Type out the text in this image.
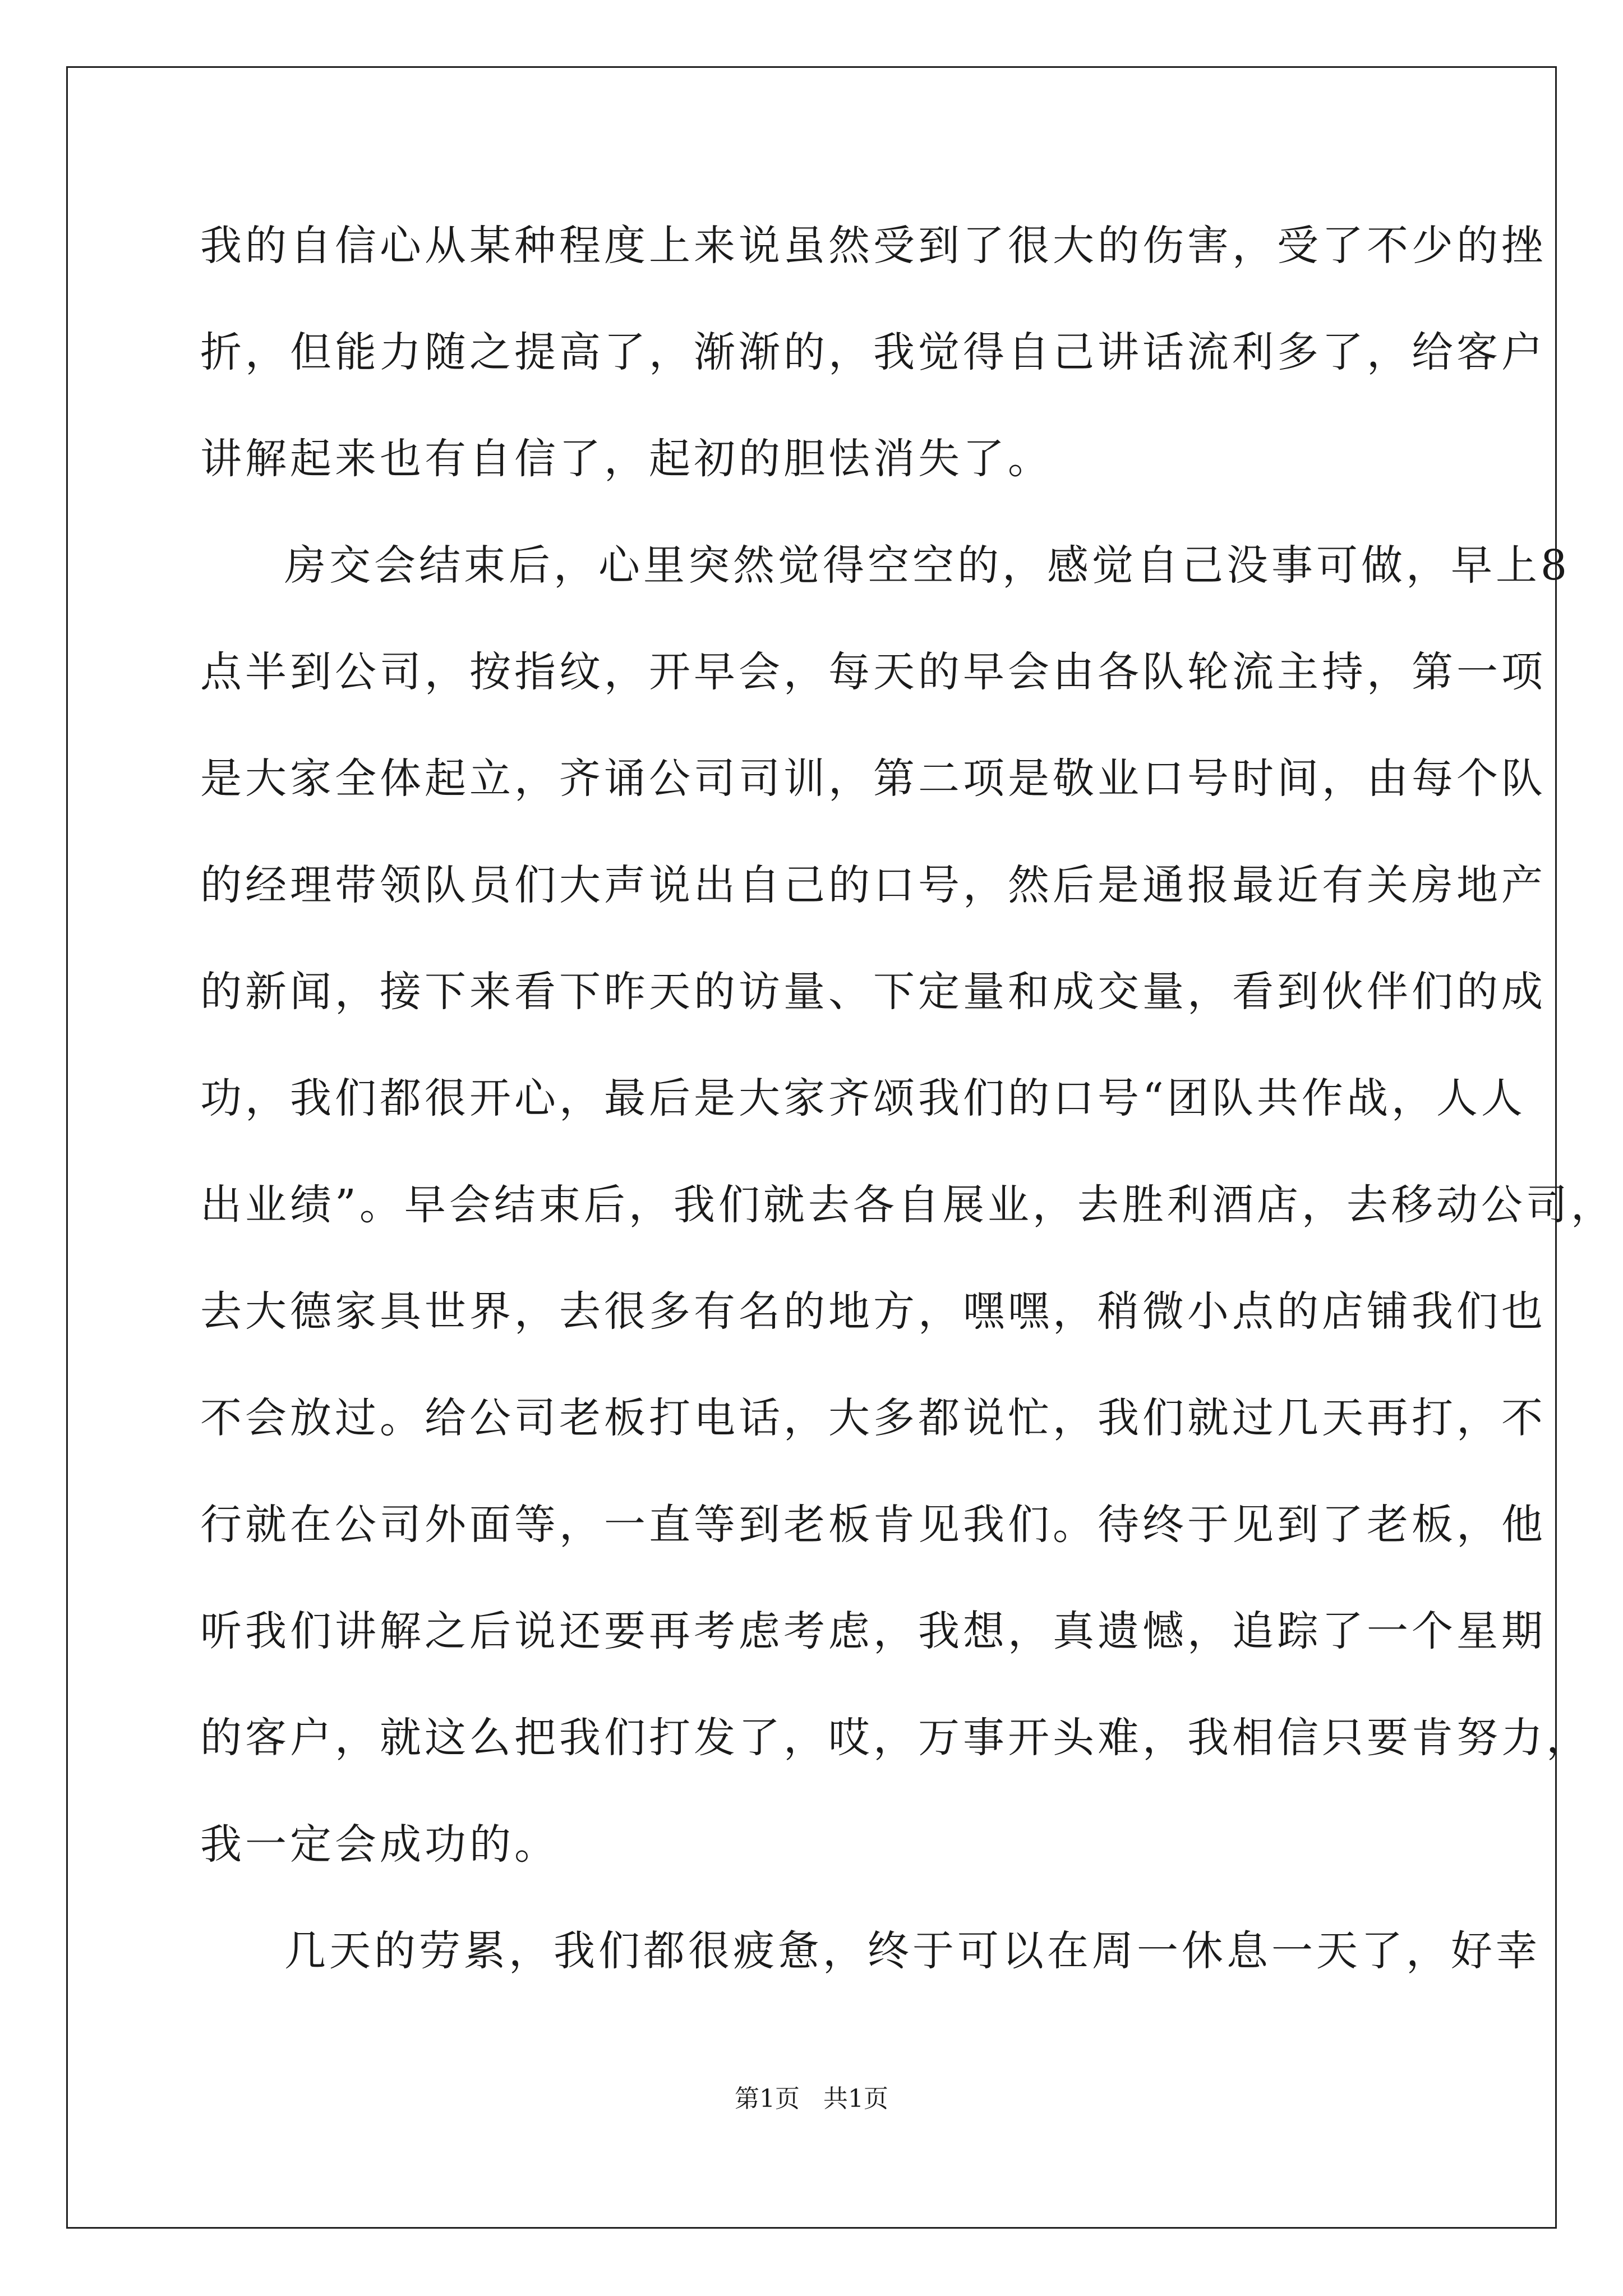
我的自信心从某种程度上来说虽然受到了很大的伤害，受了不少的挫
折，但能力随之提高了，渐渐的，我觉得自己讲话流利多了，给客户
讲解起来也有自信了，起初的胆怯消失了。
房交会结束后，心里突然觉得空空的，感觉自己没事可做，早上8
点半到公司，按指纹，开早会，每天的早会由各队轮流主持，第一项
是大家全体起立，齐诵公司司训，第二项是敬业口号时间，由每个队
的经理带领队员们大声说出自己的口号，然后是通报最近有关房地产
的新闻，接下来看下昨天的访量、下定量和成交量，看到伙伴们的成
功，我们都很开心，最后是大家齐颂我们的口号“团队共作战，人人
出业绩”。早会结束后，我们就去各自展业，去胜利酒店，去移动公司，
去大德家具世界，去很多有名的地方，嘿嘿，稍微小点的店铺我们也
不会放过。给公司老板打电话，大多都说忙，我们就过几天再打，不
行就在公司外面等，一直等到老板肯见我们。待终于见到了老板，他
听我们讲解之后说还要再考虑考虑，我想，真遗憾，追踪了一个星期
的客户，就这么把我们打发了，哎，万事开头难，我相信只要肯努力，
我一定会成功的。
几天的劳累，我们都很疲惫，终于可以在周一休息一天了，好幸
第1页 共1页
